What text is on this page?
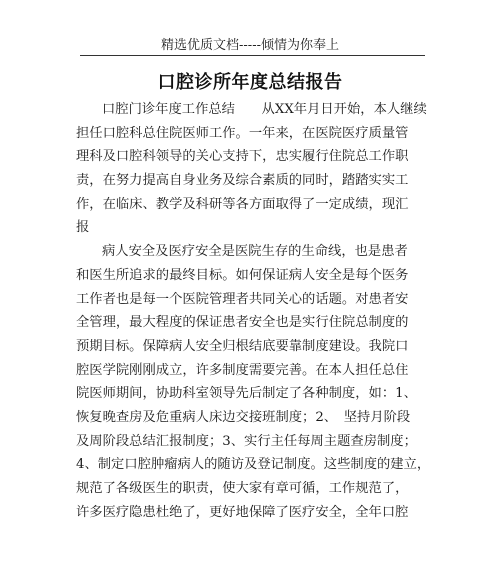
精选优质文档-----倾情为你奉上
口腔诊所年度总结报告
口腔门诊年度工作总结　　从XX年月日开始，本人继续
担任口腔科总住院医师工作。一年来，在医院医疗质量管
理科及口腔科领导的关心支持下，忠实履行住院总工作职
责，在努力提高自身业务及综合素质的同时，踏踏实实工
作，在临床、教学及科研等各方面取得了一定成绩，现汇
报
病人安全及医疗安全是医院生存的生命线，也是患者
和医生所追求的最终目标。如何保证病人安全是每个医务
工作者也是每一个医院管理者共同关心的话题。对患者安
全管理，最大程度的保证患者安全也是实行住院总制度的
预期目标。保障病人安全归根结底要靠制度建设。我院口
腔医学院刚刚成立，许多制度需要完善。在本人担任总住
院医师期间，协助科室领导先后制定了各种制度，如：1、
恢复晚查房及危重病人床边交接班制度；2、　坚持月阶段
及周阶段总结汇报制度；3、实行主任每周主题查房制度；
4、制定口腔肿瘤病人的随访及登记制度。这些制度的建立，
规范了各级医生的职责，使大家有章可循，工作规范了，
许多医疗隐患杜绝了，更好地保障了医疗安全，全年口腔
